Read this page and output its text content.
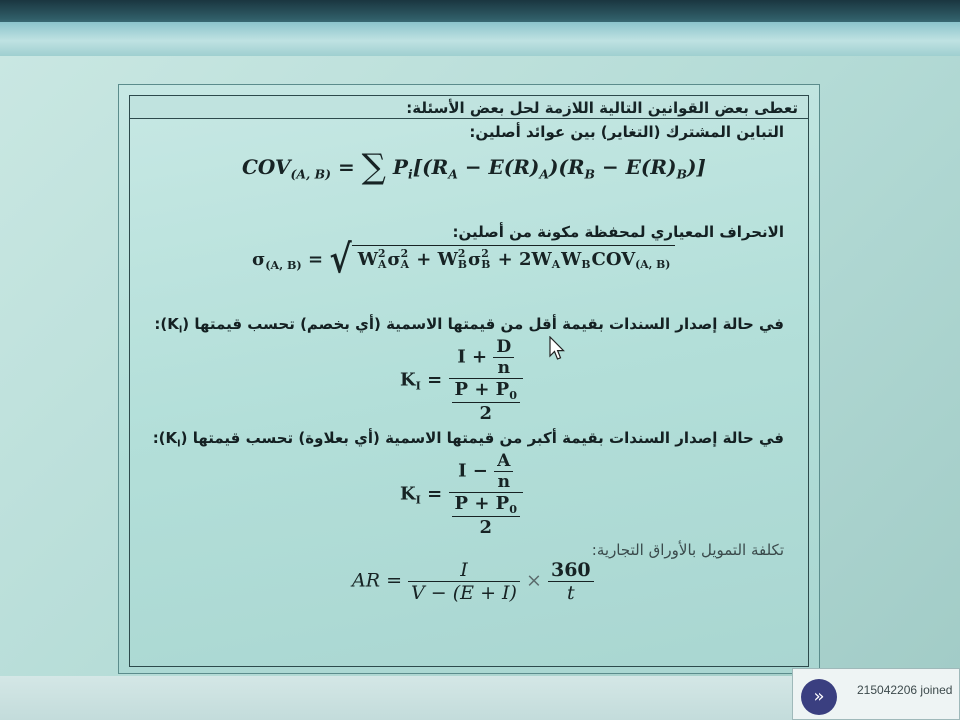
تعطى بعض القوانين التالية اللازمة لحل بعض الأسئلة:
التباين المشترك (التغاير) بين عوائد أصلين:
$COV_{(A, B)}$ = ∑ $P_i[(R_A - E(R)_A)(R_B - E(R)_B)]$
الانحراف المعياري لمحفظة مكونة من أصلين:
$\sigma_{(A, B)}$ = √ W 2
A σ 2
A + W 2
B σ 2
B + 2W
A W
B COV
(A, B)
في حالة إصدار السندات بقيمة أقل من قيمتها الاسمية (أي بخصم) تحسب قيمتها $(K_I)$:
$K_I = \frac{I + \frac{D}{n}}{\frac{P + P_0}{2}}$
في حالة إصدار السندات بقيمة أكبر من قيمتها الاسمية (أي بعلاوة) تحسب قيمتها $(K_I)$:
$K_I = \frac{I - \frac{A}{n}}{\frac{P + P_0}{2}}$
تكلفة التمويل بالأوراق التجارية:
AR = $\frac{I}{V - (E + I)} \times \frac{360}{t}$
»	215042206 joined
